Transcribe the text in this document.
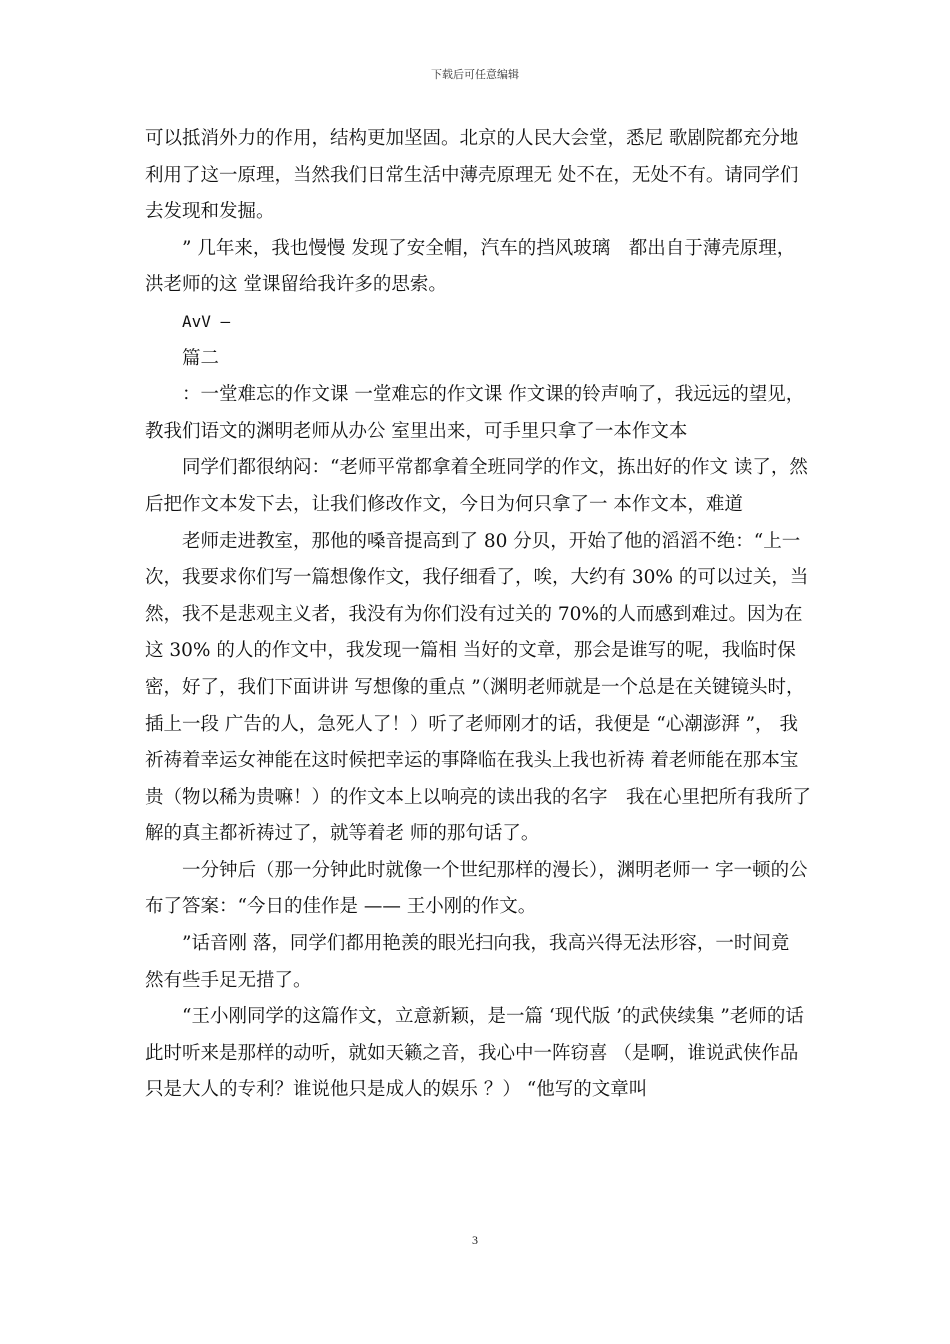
下载后可任意编辑

可以抵消外力的作用，结构更加坚固。北京的人民大会堂，悉尼 歌剧院都充分地利用了这一原理，当然我们日常生活中薄壳原理无 处不在，无处不有。请同学们去发现和发掘。

” 几年来，我也慢慢 发现了安全帽，汽车的挡风玻璃　都出自于薄壳原理，洪老师的这 堂课留给我许多的思索。

AvV —

篇二

：一堂难忘的作文课 一堂难忘的作文课 作文课的铃声响了，我远远的望见，教我们语文的渊明老师从办公 室里出来，可手里只拿了一本作文本

同学们都很纳闷：“老师平常都拿着全班同学的作文，拣出好的作文 读了，然后把作文本发下去，让我们修改作文，今日为何只拿了一 本作文本，难道

老师走进教室，那他的嗓音提高到了 80 分贝，开始了他的滔滔不绝：“上一次，我要求你们写一篇想像作文，我仔细看了，唉，大约有 30% 的可以过关，当然，我不是悲观主义者，我没有为你们没有过关的 70%的人而感到难过。因为在这 30% 的人的作文中，我发现一篇相 当好的文章，那会是谁写的呢，我临时保密，好了，我们下面讲讲 写想像的重点 ”（渊明老师就是一个总是在关键镜头时，插上一段 广告的人，急死人了！）听了老师刚才的话，我便是 “心潮澎湃 ”， 我祈祷着幸运女神能在这时候把幸运的事降临在我头上我也祈祷 着老师能在那本宝贵（物以稀为贵嘛！）的作文本上以响亮的读出我的名字　我在心里把所有我所了解的真主都祈祷过了，就等着老 师的那句话了。

一分钟后（那一分钟此时就像一个世纪那样的漫长），渊明老师一 字一顿的公布了答案：“今日的佳作是 —— 王小刚的作文。

”话音刚 落，同学们都用艳羡的眼光扫向我，我高兴得无法形容，一时间竟 然有些手足无措了。

“王小刚同学的这篇作文，立意新颖，是一篇 ‘现代版 ’的武侠续集 ”老师的话此时听来是那样的动听，就如天籁之音，我心中一阵窃喜 （是啊，谁说武侠作品只是大人的专利？谁说他只是成人的娱乐 ？） “他写的文章叫

3
